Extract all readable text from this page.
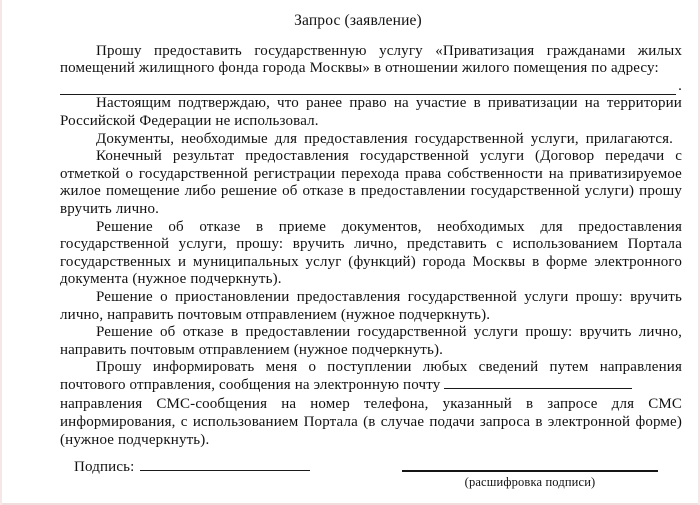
Запрос (заявление)

Прошу предоставить государственную услугу «Приватизация гражданами жилых помещений жилищного фонда города Москвы» в отношении жилого помещения по адресу:

.

Настоящим подтверждаю, что ранее право на участие в приватизации на территории Российской Федерации не использовал.

Документы, необходимые для предоставления государственной услуги, прилагаются.

Конечный результат предоставления государственной услуги (Договор передачи с отметкой о государственной регистрации перехода права собственности на приватизируемое жилое помещение либо решение об отказе в предоставлении государственной услуги) прошу вручить лично.

Решение об отказе в приеме документов, необходимых для предоставления государственной услуги, прошу: вручить лично, представить с использованием Портала государственных и муниципальных услуг (функций) города Москвы в форме электронного документа (нужное подчеркнуть).

Решение о приостановлении предоставления государственной услуги прошу: вручить лично, направить почтовым отправлением (нужное подчеркнуть).

Решение об отказе в предоставлении государственной услуги прошу: вручить лично, направить почтовым отправлением (нужное подчеркнуть).

Прошу информировать меня о поступлении любых сведений путем направления почтового отправления, сообщения на электронную почту

направления СМС-сообщения на номер телефона, указанный в запросе для СМС информирования, с использованием Портала (в случае подачи запроса в электронной форме) (нужное подчеркнуть).

Подпись:
(расшифровка подписи)
